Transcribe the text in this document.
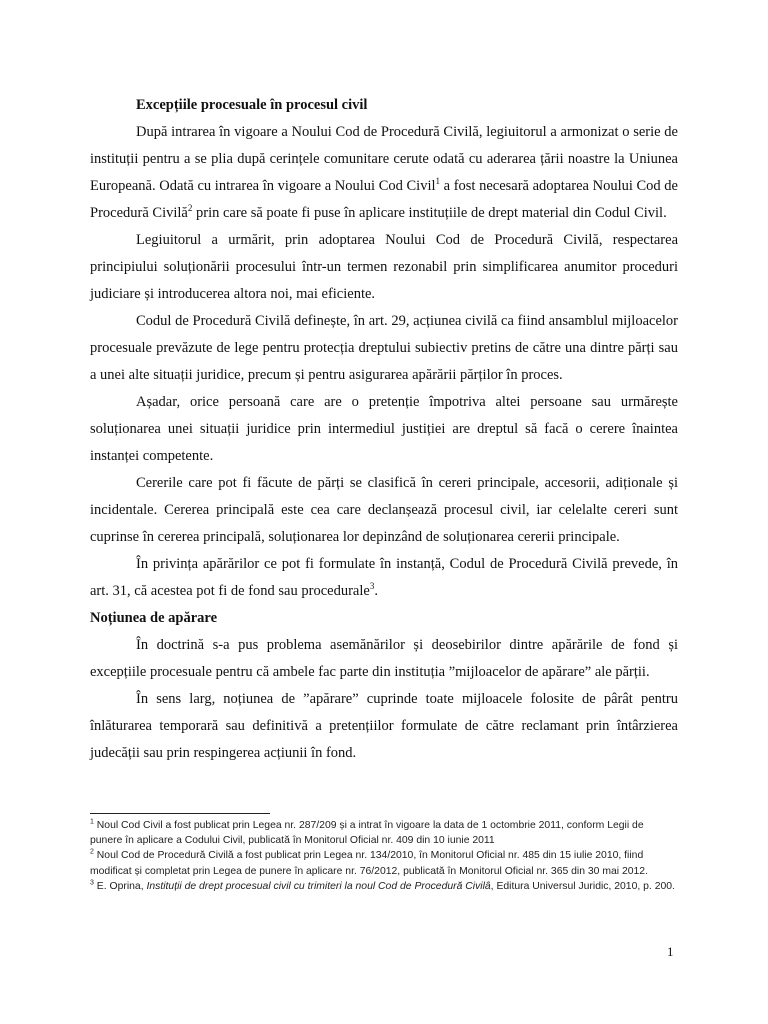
Excepțiile procesuale în procesul civil
După intrarea în vigoare a Noului Cod de Procedură Civilă, legiuitorul a armonizat o serie de instituții pentru a se plia după cerințele comunitare cerute odată cu aderarea țării noastre la Uniunea Europeană. Odată cu intrarea în vigoare a Noului Cod Civil$^1$ a fost necesară adoptarea Noului Cod de Procedură Civilă$^2$ prin care să poate fi puse în aplicare instituțiile de drept material din Codul Civil.
Legiuitorul a urmărit, prin adoptarea Noului Cod de Procedură Civilă, respectarea principiului soluționării procesului într-un termen rezonabil prin simplificarea anumitor proceduri judiciare și introducerea altora noi, mai eficiente.
Codul de Procedură Civilă definește, în art. 29, acțiunea civilă ca fiind ansamblul mijloacelor procesuale prevăzute de lege pentru protecția dreptului subiectiv pretins de către una dintre părți sau a unei alte situații juridice, precum și pentru asigurarea apărării părților în proces.
Așadar, orice persoană care are o pretenție împotriva altei persoane sau urmărește soluționarea unei situații juridice prin intermediul justiției are dreptul să facă o cerere înaintea instanței competente.
Cererile care pot fi făcute de părți se clasifică în cereri principale, accesorii, adiționale și incidentale. Cererea principală este cea care declanșează procesul civil, iar celelalte cereri sunt cuprinse în cererea principală, soluționarea lor depinzând de soluționarea cererii principale.
În privința apărărilor ce pot fi formulate în instanță, Codul de Procedură Civilă prevede, în art. 31, că acestea pot fi de fond sau procedurale$^3$.
Noțiunea de apărare
În doctrină s-a pus problema asemănărilor și deosebirilor dintre apărările de fond și excepțiile procesuale pentru că ambele fac parte din instituția ”mijloacelor de apărare” ale părții.
În sens larg, noțiunea de ”apărare” cuprinde toate mijloacele folosite de pârât pentru înlăturarea temporară sau definitivă a pretențiilor formulate de către reclamant prin întârzierea judecății sau prin respingerea acțiunii în fond.

$^1$ Noul Cod Civil a fost publicat prin Legea nr. 287/209 și a intrat în vigoare la data de 1 octombrie 2011, conform Legii de punere în aplicare a Codului Civil, publicată în Monitorul Oficial nr. 409 din 10 iunie 2011

$^2$ Noul Cod de Procedură Civilă a fost publicat prin Legea nr. 134/2010, în Monitorul Oficial nr. 485 din 15 iulie 2010, fiind modificat și completat prin Legea de punere în aplicare nr. 76/2012, publicată în Monitorul Oficial nr. 365 din 30 mai 2012.

$^3$ E. Oprina, Instituții de drept procesual civil cu trimiteri la noul Cod de Procedură Civilâ, Editura Universul Juridic, 2010, p. 200.

1
